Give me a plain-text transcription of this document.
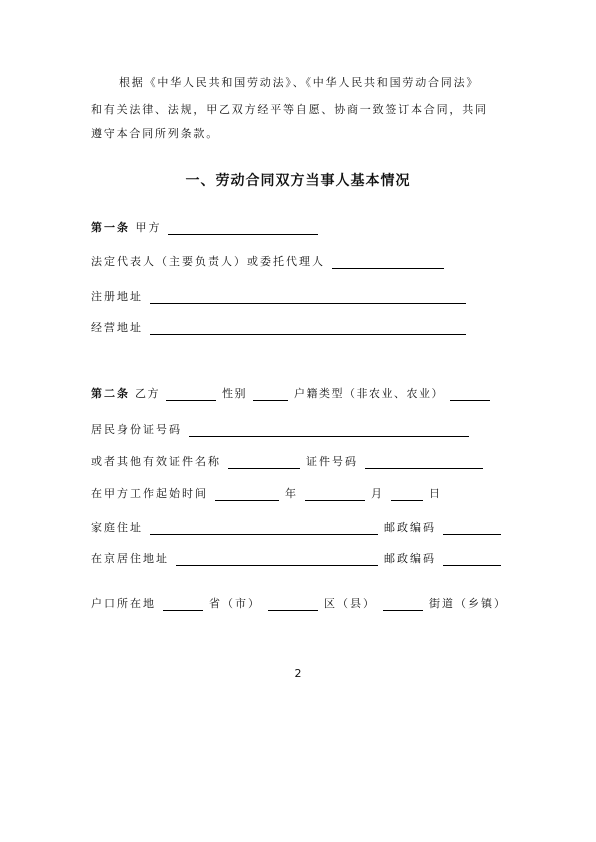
根据《中华人民共和国劳动法》、《中华人民共和国劳动合同法》
和有关法律、法规，甲乙双方经平等自愿、协商一致签订本合同，共同
遵守本合同所列条款。
一、劳动合同双方当事人基本情况
第一条 甲方
法定代表人（主要负责人）或委托代理人
注册地址
经营地址
第二条 乙方	性别	户籍类型（非农业、农业）
居民身份证号码
或者其他有效证件名称	证件号码
在甲方工作起始时间	年	月	日
家庭住址	邮政编码
在京居住地址	邮政编码
户口所在地	省（市）	区（县）	街道（乡镇）
2
